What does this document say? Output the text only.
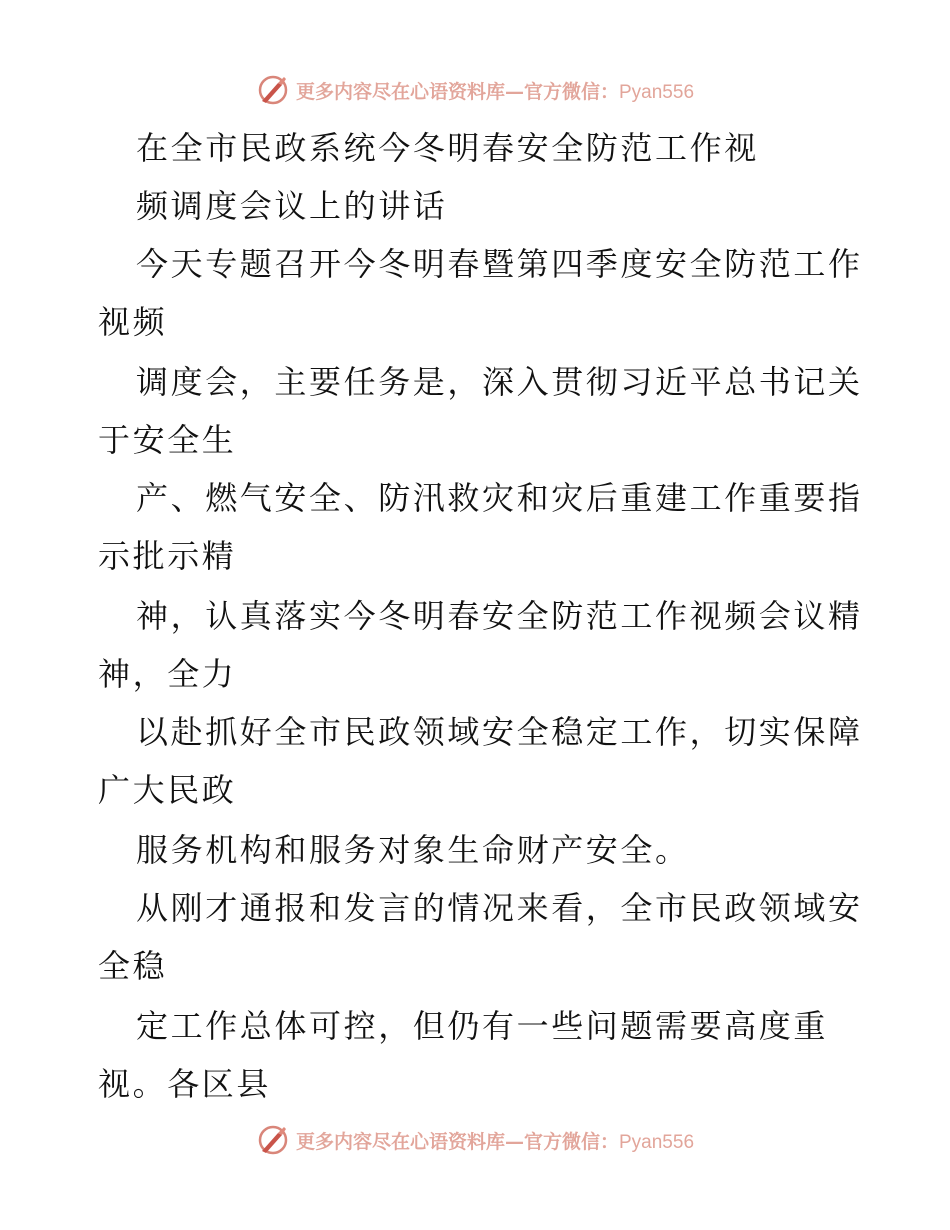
更多内容尽在心语资料库—官方微信：Pyan556
在全市民政系统今冬明春安全防范工作视
频调度会议上的讲话
今天专题召开今冬明春暨第四季度安全防范工作
视频
调度会，主要任务是，深入贯彻习近平总书记关
于安全生
产、燃气安全、防汛救灾和灾后重建工作重要指
示批示精
神，认真落实今冬明春安全防范工作视频会议精
神，全力
以赴抓好全市民政领域安全稳定工作，切实保障
广大民政
服务机构和服务对象生命财产安全。
从刚才通报和发言的情况来看，全市民政领域安
全稳
定工作总体可控，但仍有一些问题需要高度重
视。各区县
更多内容尽在心语资料库—官方微信：Pyan556
